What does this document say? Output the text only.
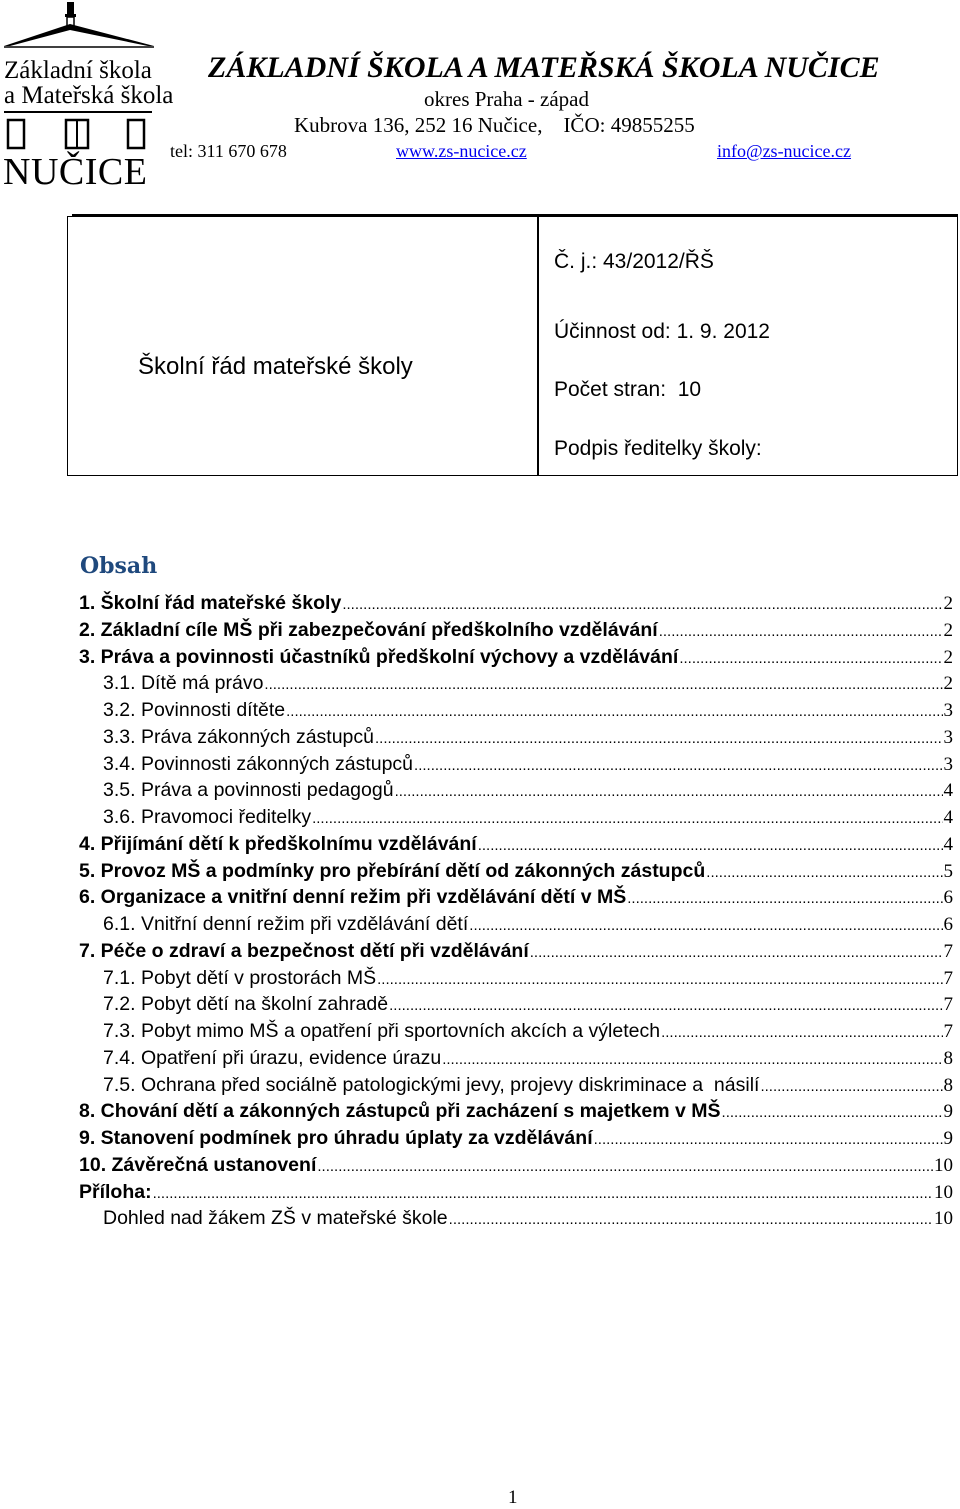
Základní škola
a Mateřská škola
NUČICE
ZÁKLADNÍ ŠKOLA A MATEŘSKÁ ŠKOLA NUČICE
okres Praha - západ
Kubrova 136, 252 16 Nučice,    IČO: 49855255
tel: 311 670 678	www.zs-nucice.cz	info@zs-nucice.cz
Školní řád mateřské školy
Č. j.: 43/2012/ŘŠ
Účinnost od: 1. 9. 2012
Počet stran:  10
Podpis ředitelky školy:
Obsah
1. Školní řád mateřské školy .....	2
2. Základní cíle MŠ při zabezpečování předškolního vzdělávání .....	2
3. Práva a povinnosti účastníků předškolní výchovy a vzdělávání .....	2
3.1. Dítě má právo .....	2
3.2. Povinnosti dítěte .....	3
3.3. Práva zákonných zástupců .....	3
3.4. Povinnosti zákonných zástupců .....	3
3.5. Práva a povinnosti pedagogů .....	4
3.6. Pravomoci ředitelky .....	4
4. Přijímání dětí k předškolnímu vzdělávání .....	4
5. Provoz MŠ a podmínky pro přebírání dětí od zákonných zástupců .....	5
6. Organizace a vnitřní denní režim při vzdělávání dětí v MŠ .....	6
6.1. Vnitřní denní režim při vzdělávání dětí .....	6
7. Péče o zdraví a bezpečnost dětí při vzdělávání .....	7
7.1. Pobyt dětí v prostorách MŠ .....	7
7.2. Pobyt dětí na školní zahradě .....	7
7.3. Pobyt mimo MŠ a opatření při sportovních akcích a výletech .....	7
7.4. Opatření při úrazu, evidence úrazu .....	8
7.5. Ochrana před sociálně patologickými jevy, projevy diskriminace a  násilí .....	8
8. Chování dětí a zákonných zástupců při zacházení s majetkem v MŠ .....	9
9. Stanovení podmínek pro úhradu úplaty za vzdělávání .....	9
10. Závěrečná ustanovení .....	10
Příloha: .....	10
Dohled nad žákem ZŠ v mateřské škole .....	10
1
